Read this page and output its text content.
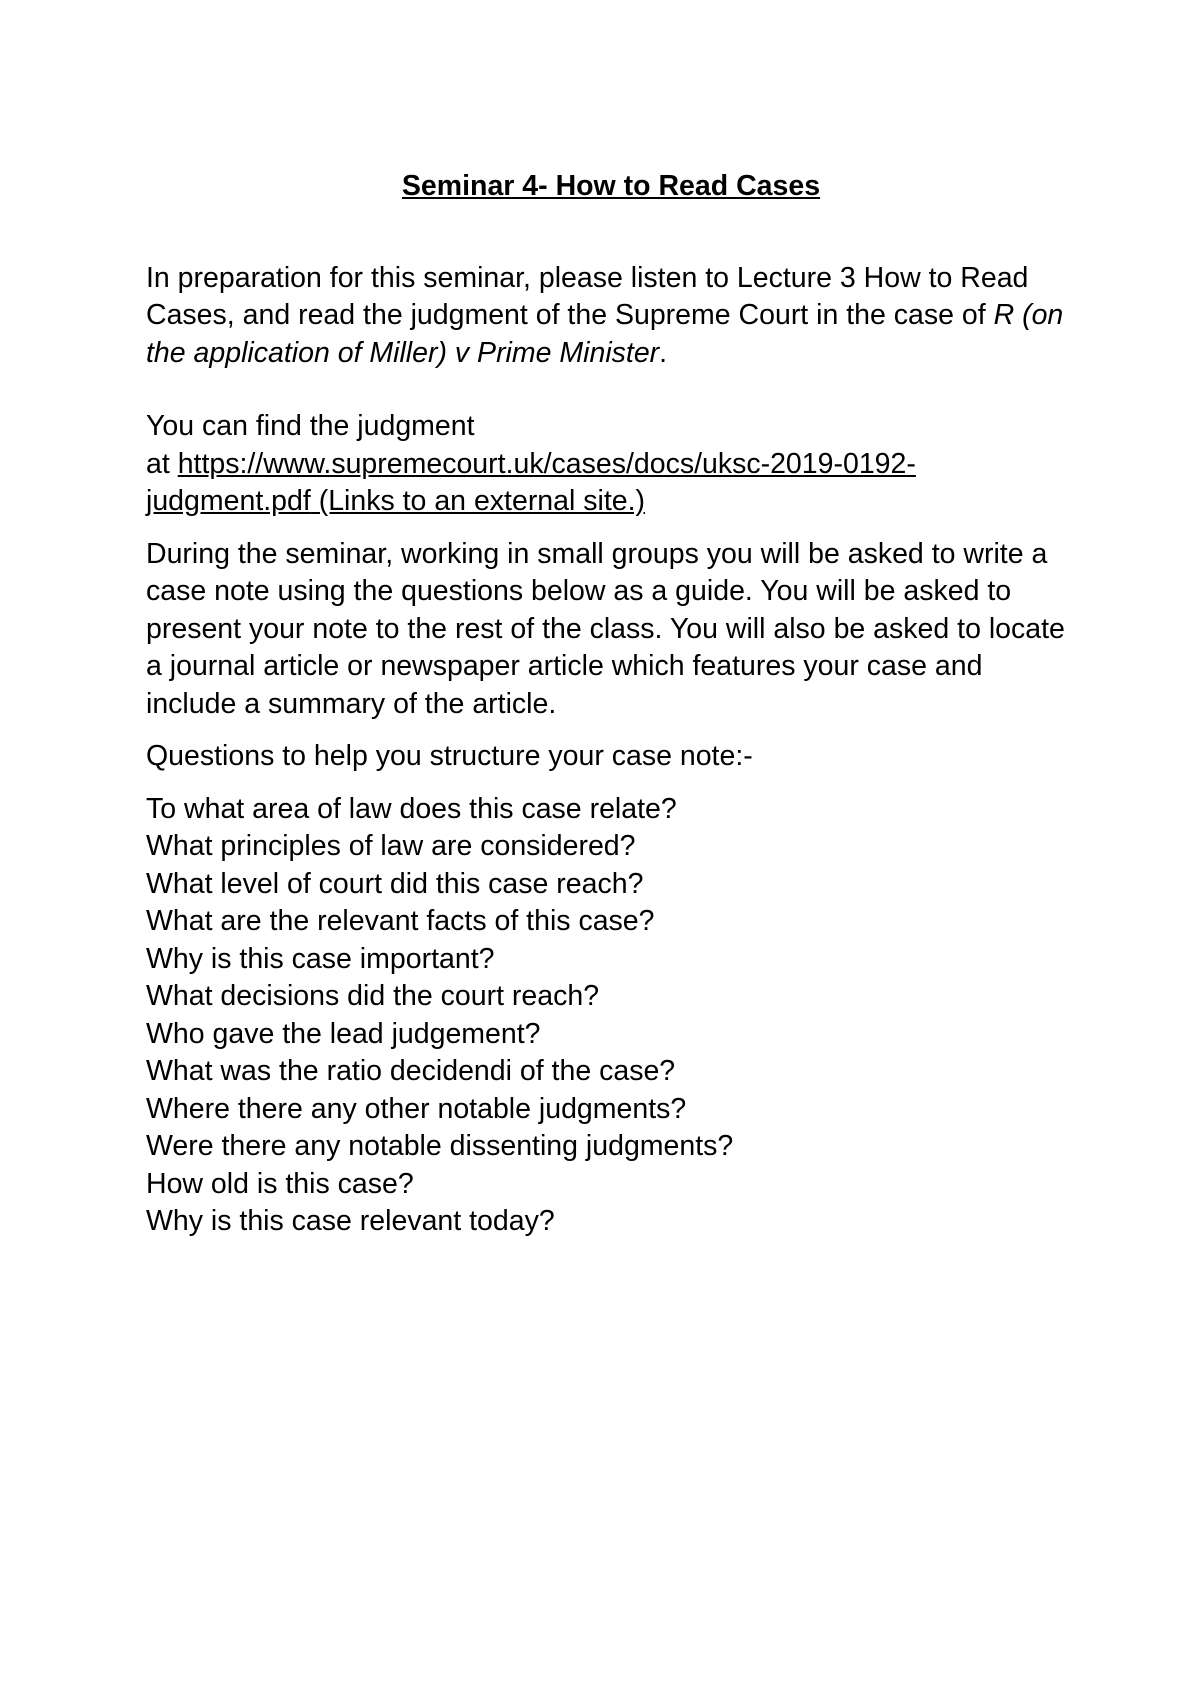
Seminar 4- How to Read Cases

In preparation for this seminar, please listen to Lecture 3 How to Read Cases, and read the judgment of the Supreme Court in the case of R (on the application of Miller) v Prime Minister.

You can find the judgment
at https://www.supremecourt.uk/cases/docs/uksc-2019-0192-
judgment.pdf (Links to an external site.)

During the seminar, working in small groups you will be asked to write a case note using the questions below as a guide. You will be asked to present your note to the rest of the class. You will also be asked to locate a journal article or newspaper article which features your case and include a summary of the article.

Questions to help you structure your case note:-

To what area of law does this case relate?
What principles of law are considered?
What level of court did this case reach?
What are the relevant facts of this case?
Why is this case important?
What decisions did the court reach?
Who gave the lead judgement?
What was the ratio decidendi of the case?
Where there any other notable judgments?
Were there any notable dissenting judgments?
How old is this case?
Why is this case relevant today?
